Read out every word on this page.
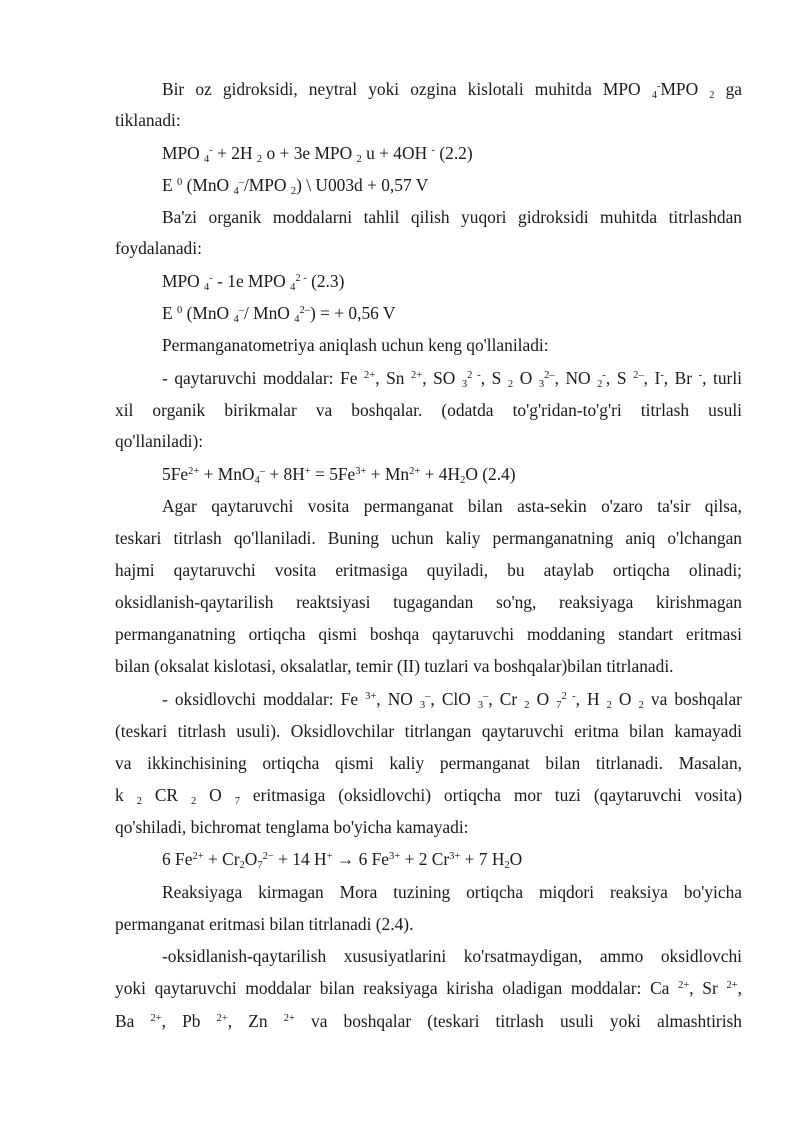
Bir oz gidroksidi, neytral yoki ozgina kislotali muhitda MPO $_4$-MPO $_2$ ga
tiklanadi:
MPO $_4$- + 2H $_2$ o + 3e MPO $_2$ u + 4OH - (2.2)
E $^0$ (MnO $_4$–/MPO $_2$) \ U003d + 0,57 V
Ba'zi organik moddalarni tahlil qilish yuqori gidroksidi muhitda titrlashdan
foydalanadi:
MPO $_4$- - 1e MPO $_4^{2 -}$ (2.3)
E $^0$ (MnO $_4$–/ MnO $_4^{2-}$) = + 0,56 V
Permanganatometriya aniqlash uchun keng qo'llaniladi:
- qaytaruvchi moddalar: Fe $^{2+}$, Sn $^{2+}$, SO $_3^{2 -}$, S $_2$ O $_3^{2-}$, NO $_2$-, S $^{2-}$, I-, Br -, turli
xil organik birikmalar va boshqalar. (odatda to'g'ridan-to'g'ri titrlash usuli
qo'llaniladi):
$5Fe^{2+} + MnO_4^- + 8H^+ = 5Fe^{3+} + Mn^{2+} + 4H_2O$ (2.4)
Agar qaytaruvchi vosita permanganat bilan asta-sekin o'zaro ta'sir qilsa,
teskari titrlash qo'llaniladi. Buning uchun kaliy permanganatning aniq o'lchangan
hajmi qaytaruvchi vosita eritmasiga quyiladi, bu ataylab ortiqcha olinadi;
oksidlanish-qaytarilish reaktsiyasi tugagandan so'ng, reaksiyaga kirishmagan
permanganatning ortiqcha qismi boshqa qaytaruvchi moddaning standart eritmasi
bilan (oksalat kislotasi, oksalatlar, temir (II) tuzlari va boshqalar)bilan titrlanadi.
- oksidlovchi moddalar: Fe $^{3+}$, NO $_3$–, ClO $_3$–, Cr $_2$ O $_7^{2 -}$, H $_2$ O $_2$ va boshqalar
(teskari titrlash usuli). Oksidlovchilar titrlangan qaytaruvchi eritma bilan kamayadi
va ikkinchisining ortiqcha qismi kaliy permanganat bilan titrlanadi. Masalan,
k $_2$ CR $_2$ O $_7$ eritmasiga (oksidlovchi) ortiqcha mor tuzi (qaytaruvchi vosita)
qo'shiladi, bichromat tenglama bo'yicha kamayadi:
6 $Fe^{2+} + Cr_2O_7^{2-} + 14$ H+ → 6 $Fe^{3+} + 2$ $Cr^{3+} + 7$ $H_2O$
Reaksiyaga kirmagan Mora tuzining ortiqcha miqdori reaksiya bo'yicha
permanganat eritmasi bilan titrlanadi (2.4).
-oksidlanish-qaytarilish xususiyatlarini ko'rsatmaydigan, ammo oksidlovchi
yoki qaytaruvchi moddalar bilan reaksiyaga kirisha oladigan moddalar: Ca $^{2+}$, Sr $^{2+}$,
Ba $^{2+}$, Pb $^{2+}$, Zn $^{2+}$ va boshqalar (teskari titrlash usuli yoki almashtirish
